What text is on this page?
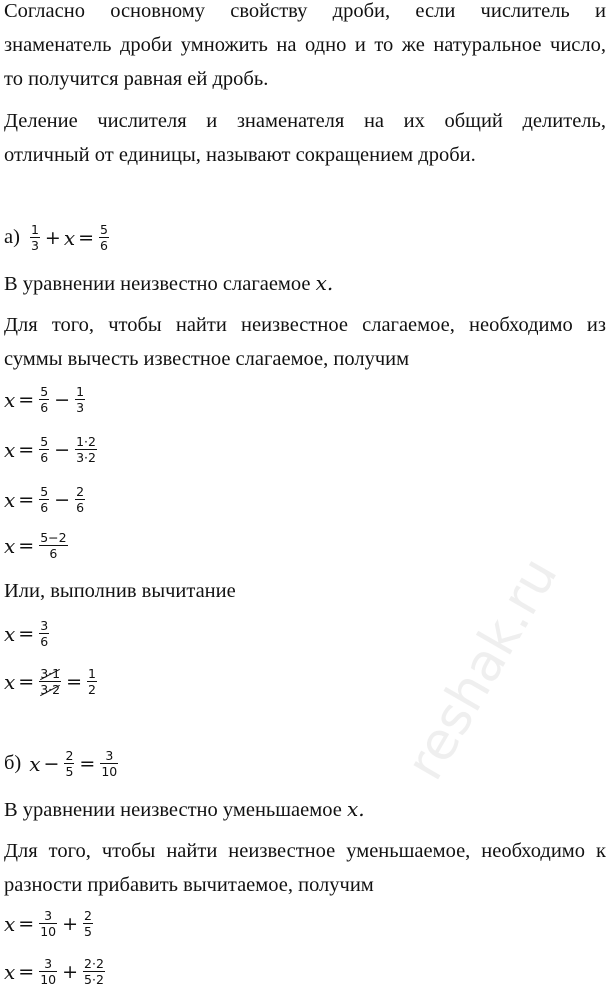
Согласно основному свойству дроби, если числитель и
знаменатель дроби умножить на одно и то же натуральное число,
то получится равная ей дробь.
Деление числителя и знаменателя на их общий делитель,
отличный от единицы, называют сокращением дроби.
$а) \frac{1}{3} + x = \frac{5}{6}$
В уравнении неизвестно слагаемое x.
Для того, чтобы найти неизвестное слагаемое, необходимо из
суммы вычесть известное слагаемое, получим
$x = \frac{5}{6} - \frac{1}{3}$
$x = \frac{5}{6} - \frac{1\cdot 2}{3\cdot 2}$
$x = \frac{5}{6} - \frac{2}{6}$
$x = \frac{5-2}{6}$
Или, выполнив вычитание
$x = \frac{3}{6}$
$x = \frac{3\cdot 1}{3\cdot 2} = \frac{1}{2}$
б) $x - \frac{2}{5} = \frac{3}{10}$
В уравнении неизвестно уменьшаемое x.
Для того, чтобы найти неизвестное уменьшаемое, необходимо к
разности прибавить вычитаемое, получим
$x = \frac{3}{10} + \frac{2}{5}$
$x = \frac{3}{10} + \frac{2\cdot 2}{5\cdot 2}$
reshak.ru
